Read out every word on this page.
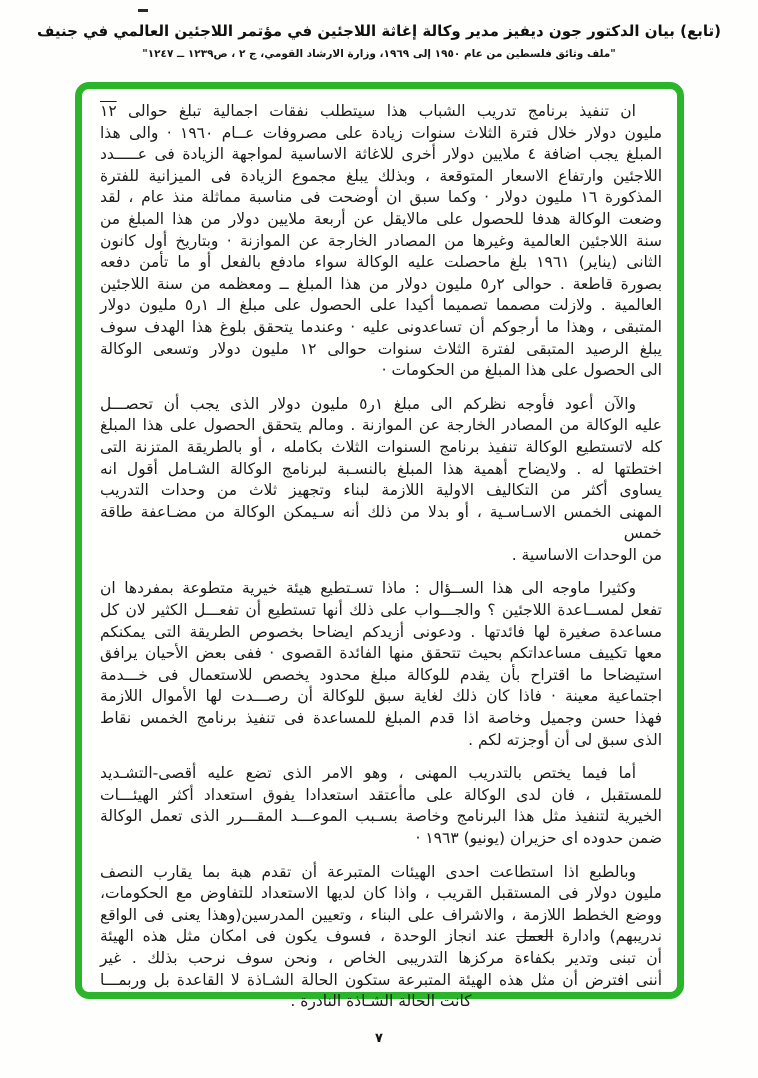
(تابع) بيان الدكتور جون ديفيز مدير وكالة إغاثة اللاجئين في مؤتمر اللاجئين العالمي في جنيف
"ملف وثائق فلسطين من عام ١٩٥٠ إلى ١٩٦٩، وزارة الارشاد القومي، ج ٢ ، ص١٢٣٩ ــ ١٢٤٧"
ان تنفيذ برنامج تدريب الشباب هذا سيتطلب نفقات اجمالية تبلغ حوالى ١٢
مليون دولار خلال فترة الثلاث سنوات زيادة على مصروفات عــام ١٩٦٠ · والى هذا
المبلغ يجب اضافة ٤ ملايين دولار أخرى للاغاثة الاساسية لمواجهة الزيادة فى عـــــدد
اللاجئين وارتفاع الاسعار المتوقعة ، وبذلك يبلغ مجموع الزيادة فى الميزانية للفترة
المذكورة ١٦ مليون دولار · وكما سبق ان أوضحت فى مناسبة مماثلة منذ عام ، لقد
وضعت الوكالة هدفا للحصول على مالايقل عن أربعة ملايين دولار من هذا المبلغ من
سنة اللاجئين العالمية وغيرها من المصادر الخارجة عن الموازنة · وبتاريخ أول كانون
الثانى (يناير) ١٩٦١ بلغ ماحصلت عليه الوكالة سواء مادفع بالفعل أو ما تأمن دفعه
بصورة قاطعة . حوالى ٢ر٥ مليون دولار من هذا المبلغ ــ ومعظمه من سنة اللاجئين
العالمية . ولازلت مصمما تصميما أكيدا على الحصول على مبلغ الـ ١ر٥ مليون دولار
المتبقى ، وهذا ما أرجوكم أن تساعدونى عليه · وعندما يتحقق بلوغ هذا الهدف سوف
يبلغ الرصيد المتبقى لفترة الثلاث سنوات حوالى ١٢ مليون دولار وتسعى الوكالة
الى الحصول على هذا المبلغ من الحكومات ·
والآن أعود فأوجه نظركم الى مبلغ ١ر٥ مليون دولار الذى يجب أن تحصـــل
عليه الوكالة من المصادر الخارجة عن الموازنة . ومالم يتحقق الحصول على هذا المبلغ
كله لاتستطيع الوكالة تنفيذ برنامج السنوات الثلاث بكامله ، أو بالطريقة المتزنة التى
اختطتها له . ولايضاح أهمية هذا المبلغ بالنسـبة لبرنامج الوكالة الشـامل أقول انه
يساوى أكثر من التكاليف الاولية اللازمة لبناء وتجهيز ثلاث من وحدات التدريب
المهنى الخمس الاسـاسـية ، أو بدلا من ذلك أنه سـيمكن الوكالة من مضـاعفة طاقة خمس
من الوحدات الاساسية .
وكثيرا ماوجه الى هذا الســؤال : ماذا تسـتطيع هيئة خيرية متطوعة بمفردها ان
تفعل لمســاعدة اللاجئين ؟ والجـــواب على ذلك أنها تستطيع أن تفعـــل الكثير لان كل
مساعدة صغيرة لها فائدتها . ودعونى أزيدكم ايضاحا بخصوص الطريقة التى يمكنكم
معها تكييف مساعداتكم بحيث تتحقق منها الفائدة القصوى · ففى بعض الأحيان يرافق
استيضاحا ما اقتراح بأن يقدم للوكالة مبلغ محدود يخصص للاستعمال فى خـــدمة
اجتماعية معينة · فاذا كان ذلك لغاية سبق للوكالة أن رصـــدت لها الأموال اللازمة
فهذا حسن وجميل وخاصة اذا قدم المبلغ للمساعدة فى تنفيذ برنامج الخمس نقاط
الذى سبق لى أن أوجزته لكم .
أما فيما يختص بالتدريب المهنى ، وهو الامر الذى تضع عليه أقصى-التشـديد
للمستقبل ، فان لدى الوكالة على ماأعتقد استعدادا يفوق استعداد أكثر الهيئـــات
الخيرية لتنفيذ مثل هذا البرنامج وخاصة بسـبب الموعـــد المقـــرر الذى تعمل الوكالة
ضمن حدوده اى حزيران (يونيو) ١٩٦٣ ·
وبالطبع اذا استطاعت احدى الهيئات المتبرعة أن تقدم هبة بما يقارب النصف
مليون دولار فى المستقبل القريب ، واذا كان لديها الاستعداد للتفاوض مع الحكومات،
ووضع الخطط اللازمة ، والاشراف على البناء ، وتعيين المدرسين(وهذا يعنى فى الواقع
ندريبهم) وادارة العمل عند انجاز الوحدة ، فسوف يكون فى امكان مثل هذه الهيئة
أن تبنى وتدير بكفاءة مركزها التدريبى الخاص ، ونحن سوف نرحب بذلك . غير
أننى افترض أن مثل هذه الهيئة المتبرعة ستكون الحالة الشـاذة لا القاعدة بل وربمـــا
كانت الحالة الشـاذة النادرة .
٧
